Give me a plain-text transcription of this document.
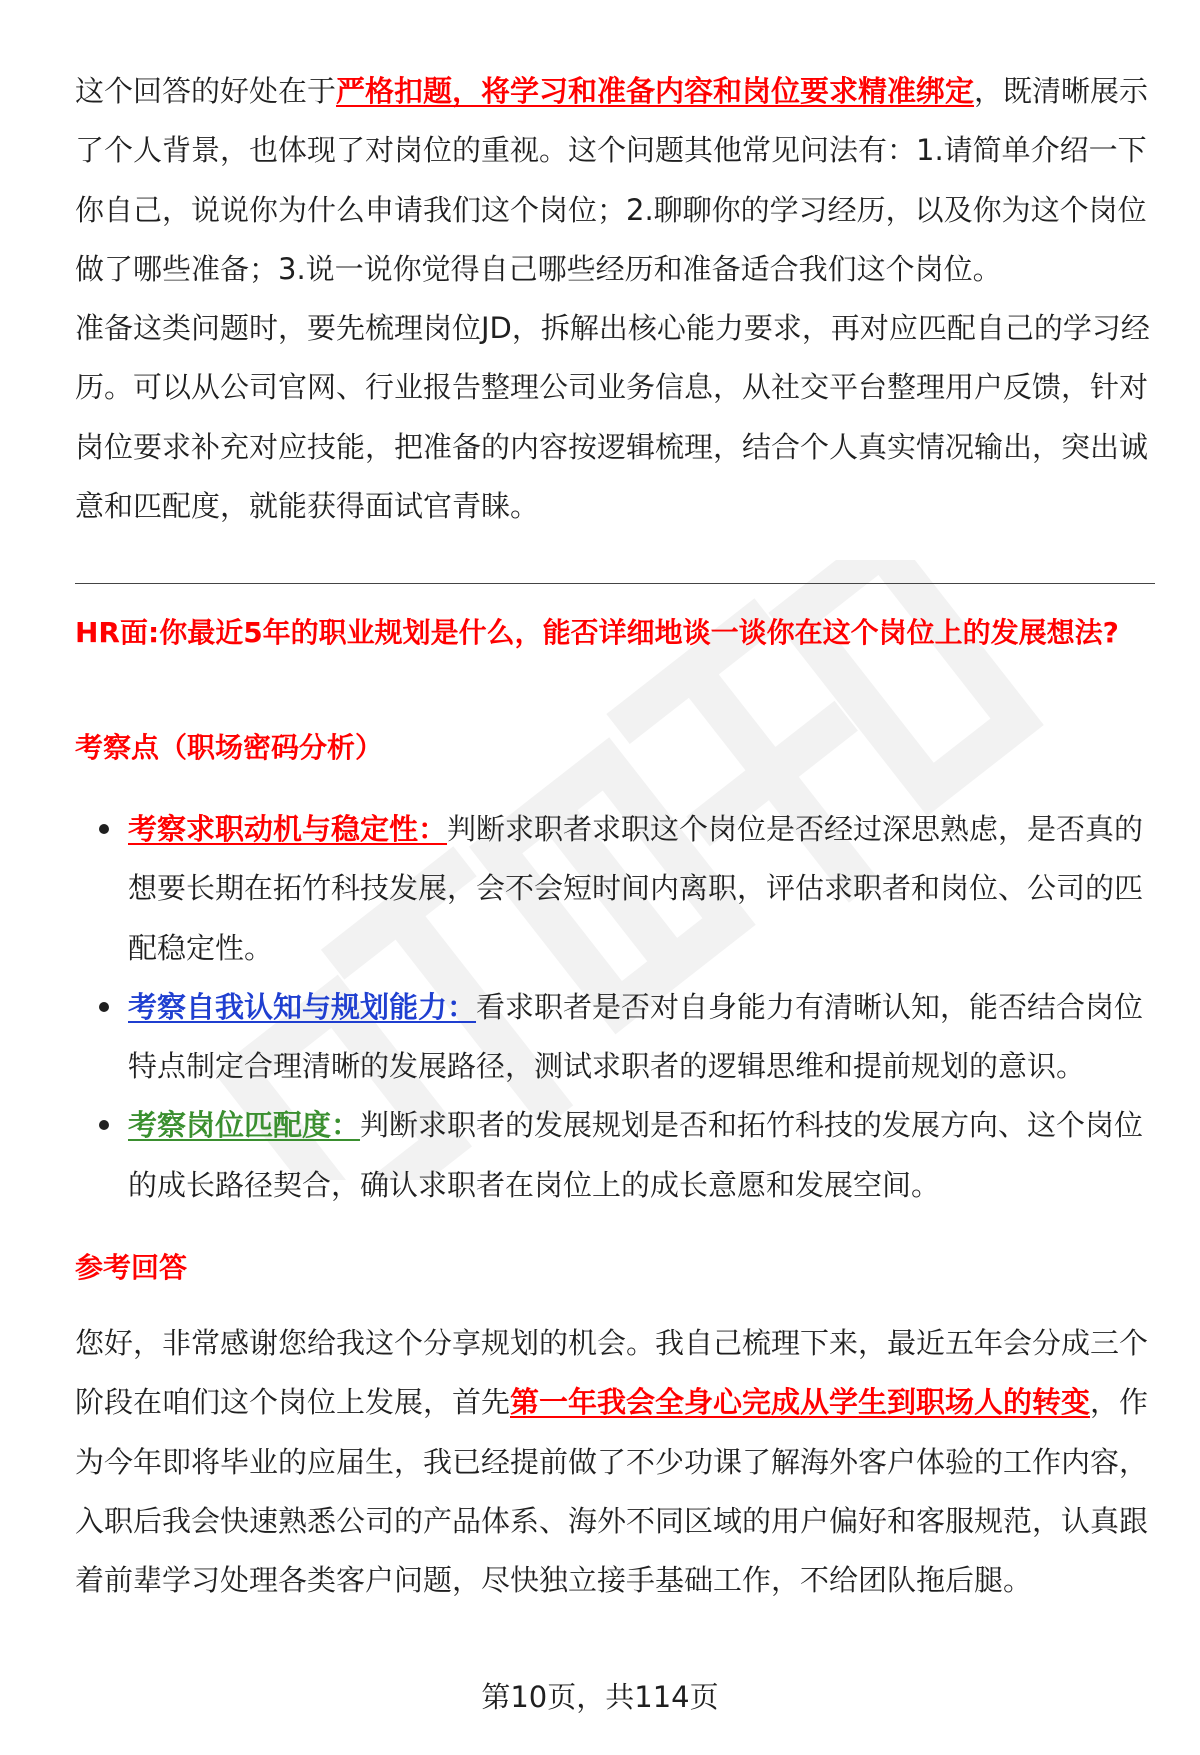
这个回答的好处在于严格扣题，将学习和准备内容和岗位要求精准绑定，既清晰展示了个人背景，也体现了对岗位的重视。这个问题其他常见问法有：1.请简单介绍一下你自己，说说你为什么申请我们这个岗位；2.聊聊你的学习经历，以及你为这个岗位做了哪些准备；3.说一说你觉得自己哪些经历和准备适合我们这个岗位。

准备这类问题时，要先梳理岗位JD，拆解出核心能力要求，再对应匹配自己的学习经历。可以从公司官网、行业报告整理公司业务信息，从社交平台整理用户反馈，针对岗位要求补充对应技能，把准备的内容按逻辑梳理，结合个人真实情况输出，突出诚意和匹配度，就能获得面试官青睐。

HR面:你最近5年的职业规划是什么，能否详细地谈一谈你在这个岗位上的发展想法?

考察点（职场密码分析）

考察求职动机与稳定性：判断求职者求职这个岗位是否经过深思熟虑，是否真的想要长期在拓竹科技发展，会不会短时间内离职，评估求职者和岗位、公司的匹配稳定性。
考察自我认知与规划能力：看求职者是否对自身能力有清晰认知，能否结合岗位特点制定合理清晰的发展路径，测试求职者的逻辑思维和提前规划的意识。
考察岗位匹配度：判断求职者的发展规划是否和拓竹科技的发展方向、这个岗位的成长路径契合，确认求职者在岗位上的成长意愿和发展空间。

参考回答

您好，非常感谢您给我这个分享规划的机会。我自己梳理下来，最近五年会分成三个阶段在咱们这个岗位上发展，首先第一年我会全身心完成从学生到职场人的转变，作为今年即将毕业的应届生，我已经提前做了不少功课了解海外客户体验的工作内容，入职后我会快速熟悉公司的产品体系、海外不同区域的用户偏好和客服规范，认真跟着前辈学习处理各类客户问题，尽快独立接手基础工作，不给团队拖后腿。

第10页，共114页
